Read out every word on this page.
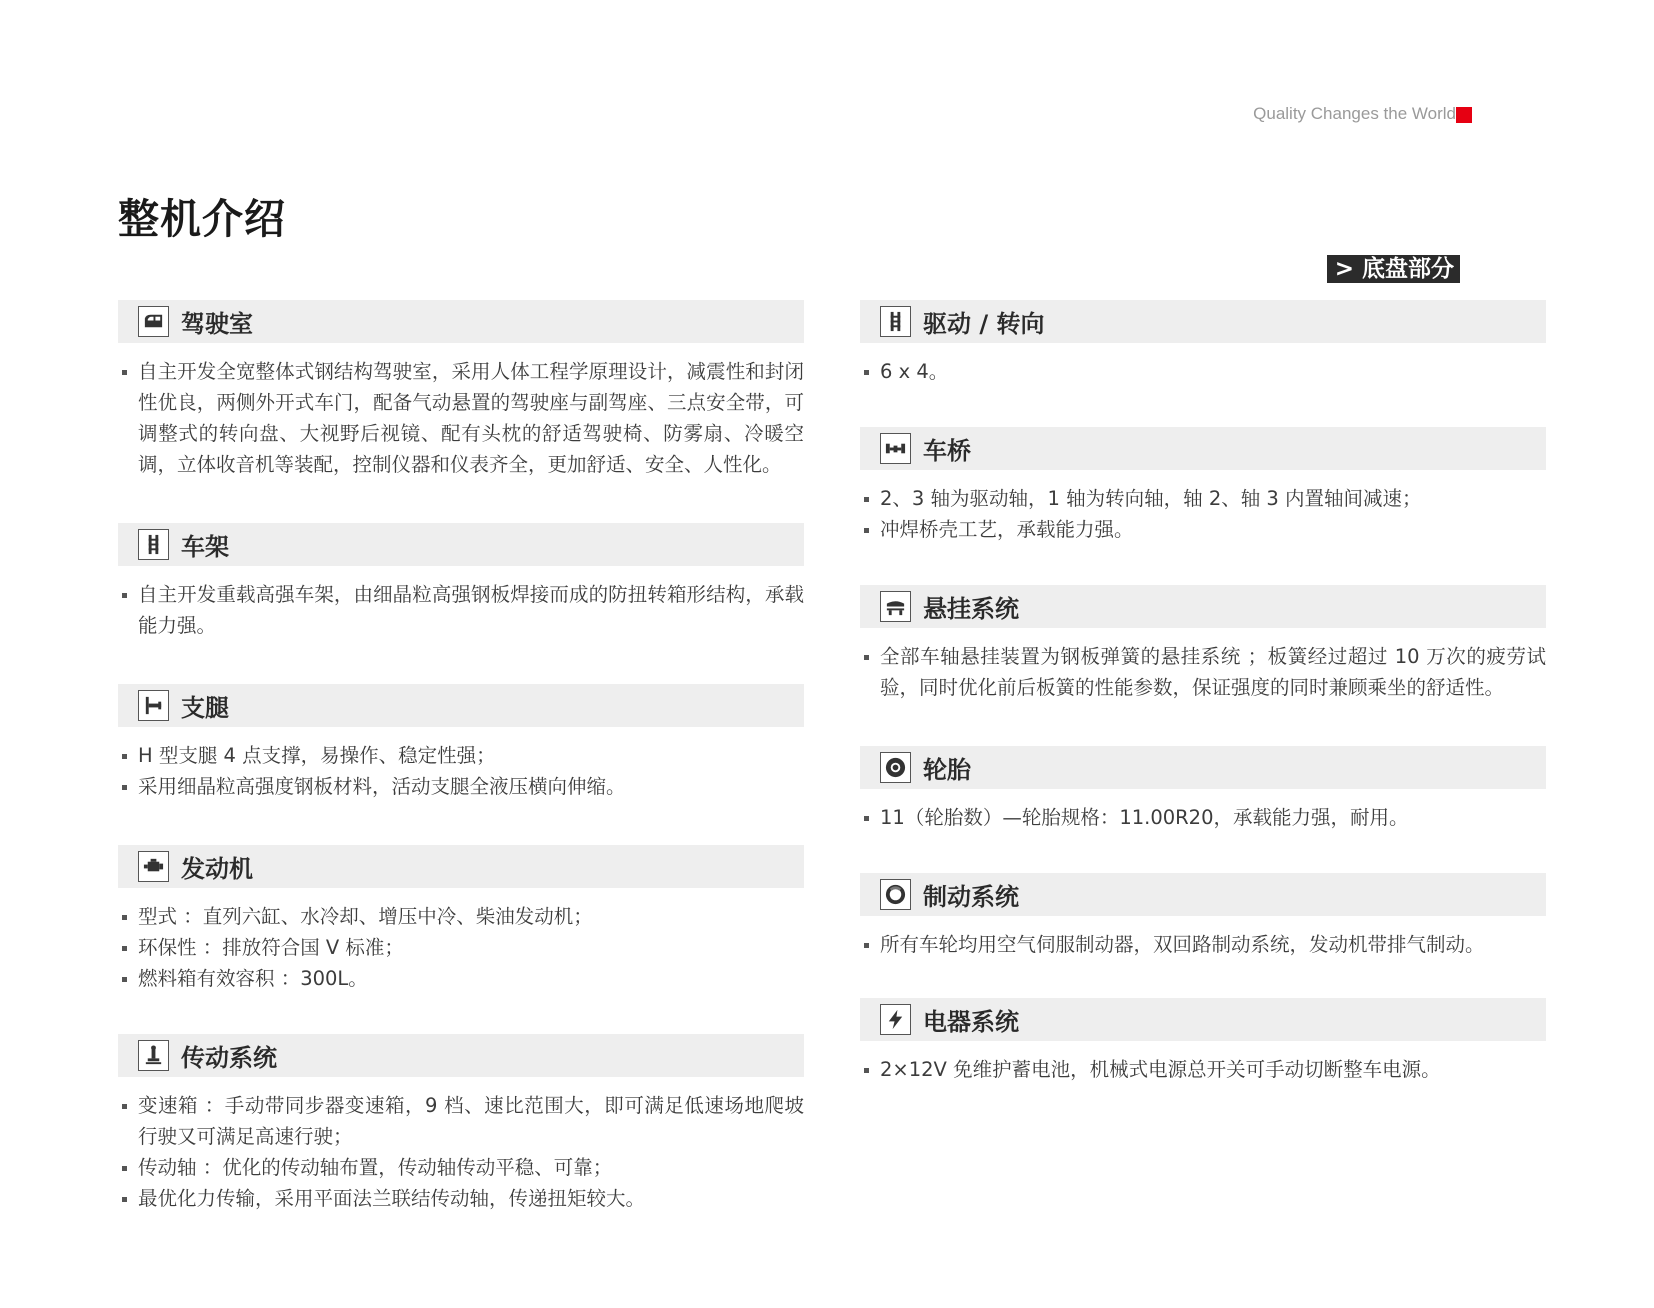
Quality Changes the World
整机介绍
> 底盘部分
驾驶室
自主开发全宽整体式钢结构驾驶室，采用人体工程学原理设计，减震性和封闭性优良，两侧外开式车门，配备气动悬置的驾驶座与副驾座、三点安全带，可调整式的转向盘、大视野后视镜、配有头枕的舒适驾驶椅、防雾扇、冷暖空调，立体收音机等装配，控制仪器和仪表齐全，更加舒适、安全、人性化。
车架
自主开发重载高强车架，由细晶粒高强钢板焊接而成的防扭转箱形结构，承载能力强。
支腿
H 型支腿 4 点支撑，易操作、稳定性强；
采用细晶粒高强度钢板材料，活动支腿全液压横向伸缩。
发动机
型式 ：直列六缸、水冷却、增压中冷、柴油发动机；
环保性 ：排放符合国 V 标准；
燃料箱有效容积 ：300L。
传动系统
变速箱 ：手动带同步器变速箱，9 档、速比范围大，即可满足低速场地爬坡行驶又可满足高速行驶；
传动轴 ：优化的传动轴布置，传动轴传动平稳、可靠；
最优化力传输，采用平面法兰联结传动轴，传递扭矩较大。
驱动 / 转向
6 x 4。
车桥
2、3 轴为驱动轴，1 轴为转向轴，轴 2、轴 3 内置轴间减速；
冲焊桥壳工艺，承载能力强。
悬挂系统
全部车轴悬挂装置为钢板弹簧的悬挂系统 ；板簧经过超过 10 万次的疲劳试验，同时优化前后板簧的性能参数，保证强度的同时兼顾乘坐的舒适性。
轮胎
11（轮胎数）—轮胎规格：11.00R20，承载能力强，耐用。
制动系统
所有车轮均用空气伺服制动器，双回路制动系统，发动机带排气制动。
电器系统
2×12V 免维护蓄电池，机械式电源总开关可手动切断整车电源。
